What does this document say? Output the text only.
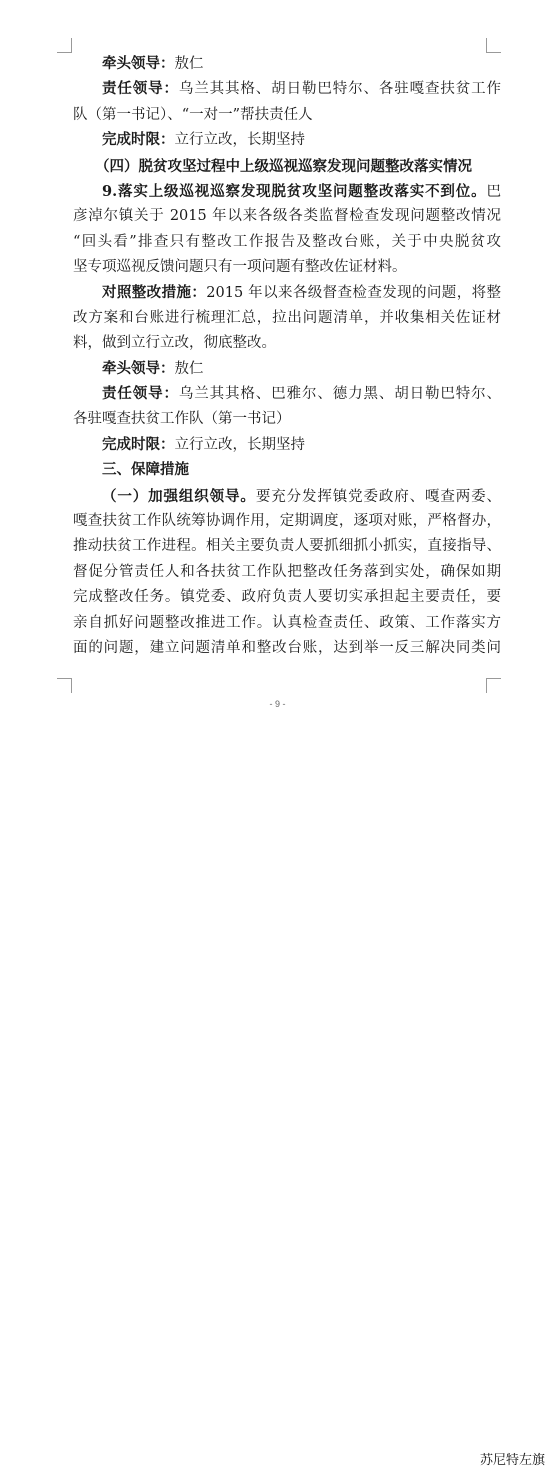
牵头领导：敖仁
责任领导：乌兰其其格、胡日勒巴特尔、各驻嘎查扶贫工作
队（第一书记）、“一对一”帮扶责任人
完成时限：立行立改，长期坚持
（四）脱贫攻坚过程中上级巡视巡察发现问题整改落实情况
9.落实上级巡视巡察发现脱贫攻坚问题整改落实不到位。巴
彦淖尔镇关于 2015 年以来各级各类监督检查发现问题整改情况
“回头看”排查只有整改工作报告及整改台账，关于中央脱贫攻
坚专项巡视反馈问题只有一项问题有整改佐证材料。
对照整改措施：2015 年以来各级督查检查发现的问题，将整
改方案和台账进行梳理汇总，拉出问题清单，并收集相关佐证材
料，做到立行立改，彻底整改。
牵头领导：敖仁
责任领导：乌兰其其格、巴雅尔、德力黑、胡日勒巴特尔、
各驻嘎查扶贫工作队（第一书记）
完成时限：立行立改，长期坚持
三、保障措施
（一）加强组织领导。要充分发挥镇党委政府、嘎查两委、
嘎查扶贫工作队统筹协调作用，定期调度，逐项对账，严格督办，
推动扶贫工作进程。相关主要负责人要抓细抓小抓实，直接指导、
督促分管责任人和各扶贫工作队把整改任务落到实处，确保如期
完成整改任务。镇党委、政府负责人要切实承担起主要责任，要
亲自抓好问题整改推进工作。认真检查责任、政策、工作落实方
面的问题，建立问题清单和整改台账，达到举一反三解决同类问
- 9 -
苏尼特左旗
